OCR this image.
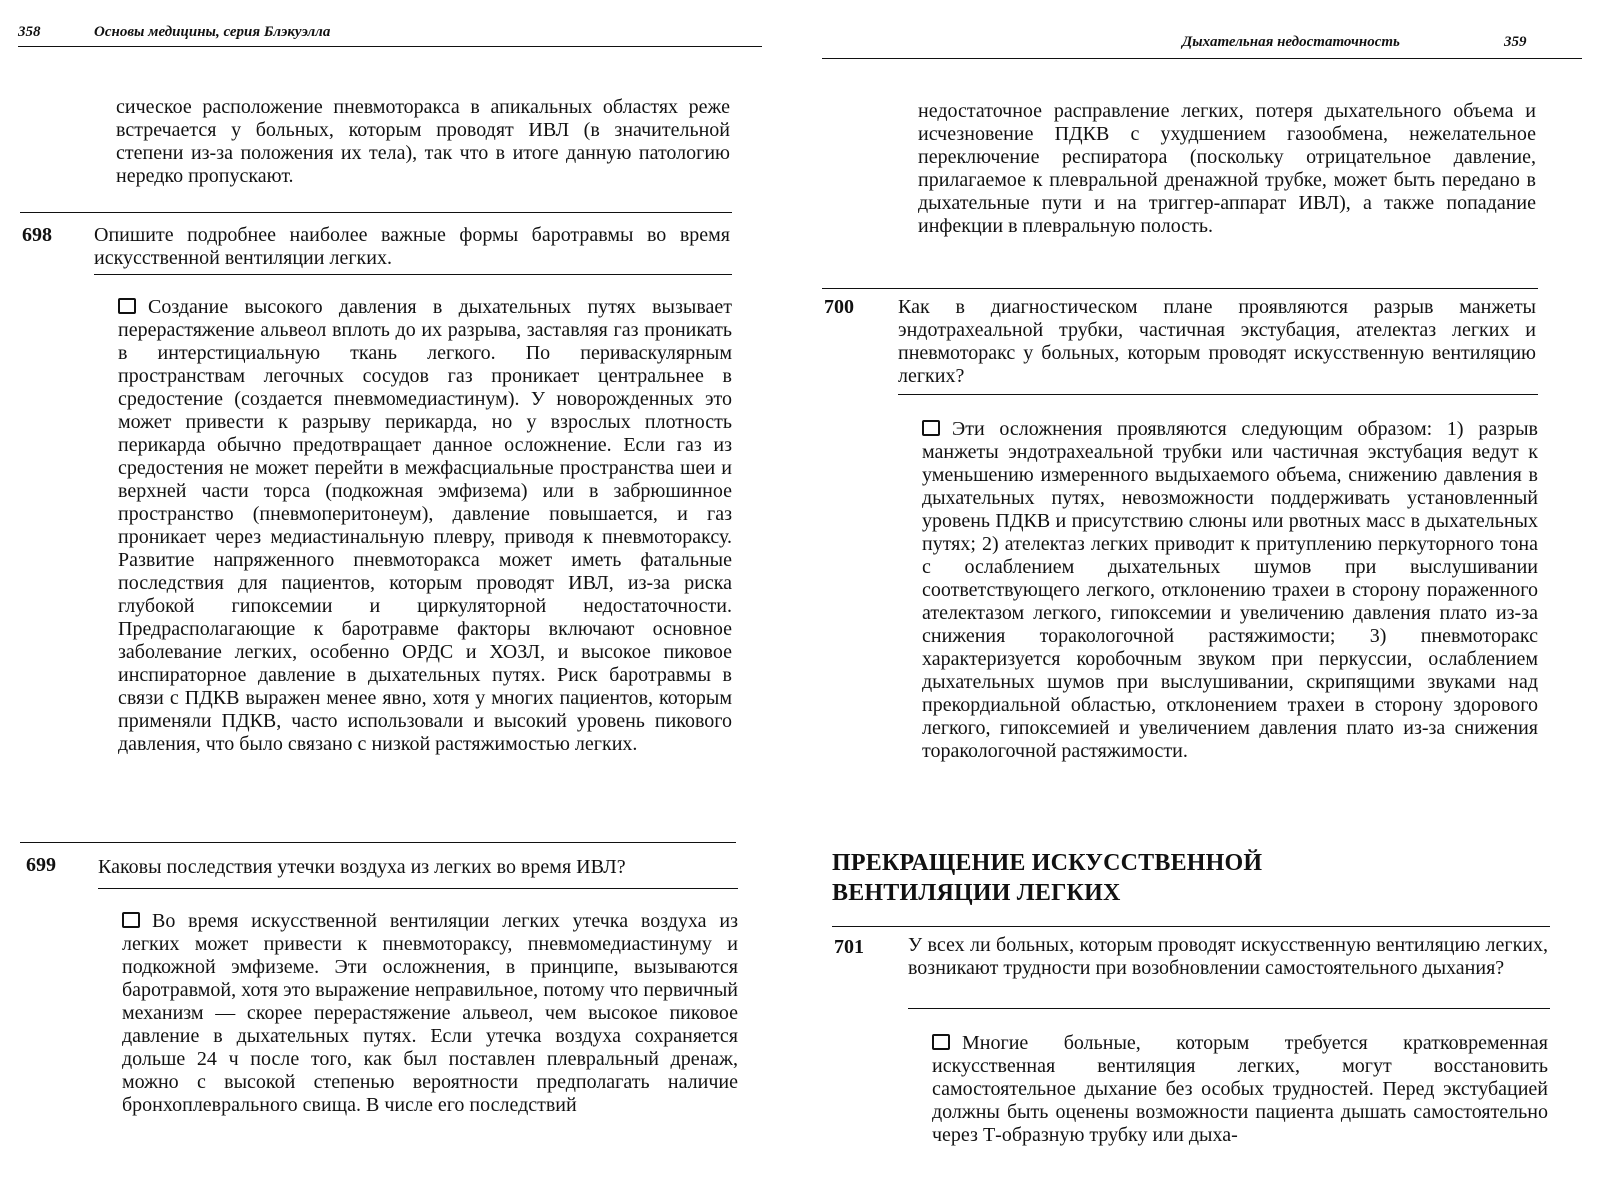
358	Основы медицины, серия Блэкуэлла

сическое расположение пневмоторакса в апикальных областях реже встречается у больных, которым проводят ИВЛ (в значительной степени из-за положения их тела), так что в итоге данную патологию нередко пропускают.

698 Опишите подробнее наиболее важные формы баротравмы во время искусственной вентиляции легких.

Создание высокого давления в дыхательных путях вызывает перерастяжение альвеол вплоть до их разрыва, заставляя газ проникать в интерстициальную ткань легкого. По периваскулярным пространствам легочных сосудов газ проникает центральнее в средостение (создается пневмомедиастинум). У новорожденных это может привести к разрыву перикарда, но у взрослых плотность перикарда обычно предотвращает данное осложнение. Если газ из средостения не может перейти в межфасциальные пространства шеи и верхней части торса (подкожная эмфизема) или в забрюшинное пространство (пневмоперитонеум), давление повышается, и газ проникает через медиастинальную плевру, приводя к пневмотораксу. Развитие напряженного пневмоторакса может иметь фатальные последствия для пациентов, которым проводят ИВЛ, из-за риска глубокой гипоксемии и циркуляторной недостаточности. Предрасполагающие к баротравме факторы включают основное заболевание легких, особенно ОРДС и ХОЗЛ, и высокое пиковое инспираторное давление в дыхательных путях. Риск баротравмы в связи с ПДКВ выражен менее явно, хотя у многих пациентов, которым применяли ПДКВ, часто использовали и высокий уровень пикового давления, что было связано с низкой растяжимостью легких.
699 Каковы последствия утечки воздуха из легких во время ИВЛ?

Во время искусственной вентиляции легких утечка воздуха из легких может привести к пневмотораксу, пневмомедиастинуму и подкожной эмфиземе. Эти осложнения, в принципе, вызываются баротравмой, хотя это выражение неправильное, потому что первичный механизм — скорее перерастяжение альвеол, чем высокое пиковое давление в дыхательных путях. Если утечка воздуха сохраняется дольше 24 ч после того, как был поставлен плевральный дренаж, можно с высокой степенью вероятности предполагать наличие бронхоплеврального свища. В числе его последствий
Дыхательная недостаточность	359

недостаточное расправление легких, потеря дыхательного объема и исчезновение ПДКВ с ухудшением газообмена, нежелательное переключение респиратора (поскольку отрицательное давление, прилагаемое к плевральной дренажной трубке, может быть передано в дыхательные пути и на триггер-аппарат ИВЛ), а также попадание инфекции в плевральную полость.

700 Как в диагностическом плане проявляются разрыв манжеты эндотрахеальной трубки, частичная экстубация, ателектаз легких и пневмоторакс у больных, которым проводят искусственную вентиляцию легких?

Эти осложнения проявляются следующим образом: 1) разрыв манжеты эндотрахеальной трубки или частичная экстубация ведут к уменьшению измеренного выдыхаемого объема, снижению давления в дыхательных путях, невозможности поддерживать установленный уровень ПДКВ и присутствию слюны или рвотных масс в дыхательных путях; 2) ателектаз легких приводит к притуплению перкуторного тона с ослаблением дыхательных шумов при выслушивании соответствующего легкого, отклонению трахеи в сторону пораженного ателектазом легкого, гипоксемии и увеличению давления плато из-за снижения торакологочной растяжимости; 3) пневмоторакс характеризуется коробочным звуком при перкуссии, ослаблением дыхательных шумов при выслушивании, скрипящими звуками над прекордиальной областью, отклонением трахеи в сторону здорового легкого, гипоксемией и увеличением давления плато из-за снижения торакологочной растяжимости.
ПРЕКРАЩЕНИЕ ИСКУССТВЕННОЙ
ВЕНТИЛЯЦИИ ЛЕГКИХ
701 У всех ли больных, которым проводят искусственную вентиляцию легких, возникают трудности при возобновлении самостоятельного дыхания?

Многие больные, которым требуется кратковременная искусственная вентиляция легких, могут восстановить самостоятельное дыхание без особых трудностей. Перед экстубацией должны быть оценены возможности пациента дышать самостоятельно через Т-образную трубку или дыха-
